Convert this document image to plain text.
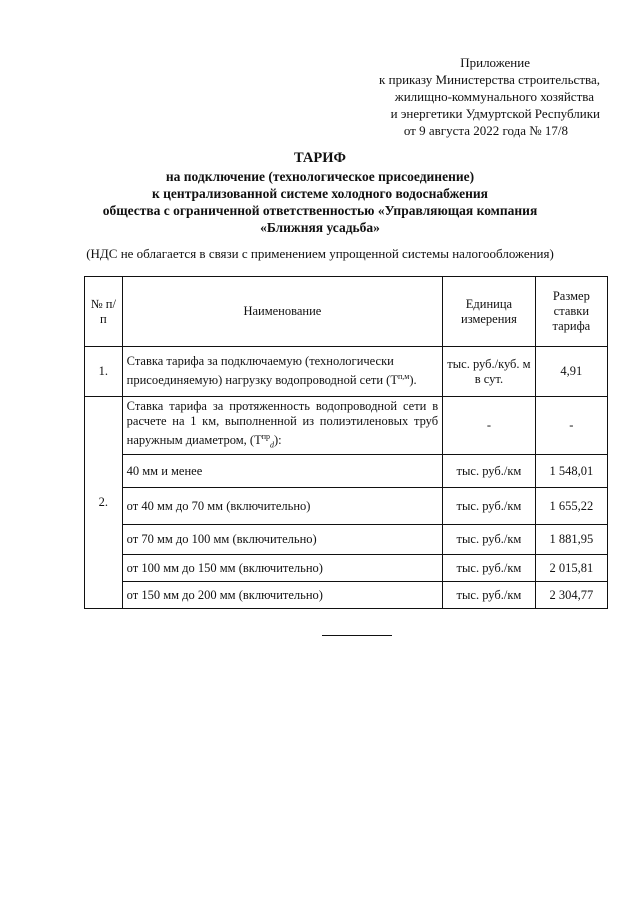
Приложение
к приказу Министерства строительства,
жилищно-коммунального хозяйства
и энергетики Удмуртской Республики
от 9 августа 2022 года № 17/8
ТАРИФ
на подключение (технологическое присоединение)
к централизованной системе холодного водоснабжения
общества с ограниченной ответственностью «Управляющая компания
«Ближняя усадьба»
(НДС не облагается в связи с применением упрощенной системы налогообложения)
№ п/п	Наименование	Единица измерения	Размер ставки тарифа
1.	Ставка тарифа за подключаемую (технологически присоединяемую) нагрузку водопроводной сети $(Т^{п,м})$.	тыс. руб./куб. м в сут.	4,91
2.	Ставка тарифа за протяженность водопроводной сети в расчете на 1 км, выполненной из полиэтиленовых труб наружным диаметром, $(Т^{пр}_d)$:	-	-
	40 мм и менее	тыс. руб./км	1 548,01
	от 40 мм до 70 мм (включительно)	тыс. руб./км	1 655,22
	от 70 мм до 100 мм (включительно)	тыс. руб./км	1 881,95
	от 100 мм до 150 мм (включительно)	тыс. руб./км	2 015,81
	от 150 мм до 200 мм (включительно)	тыс. руб./км	2 304,77
